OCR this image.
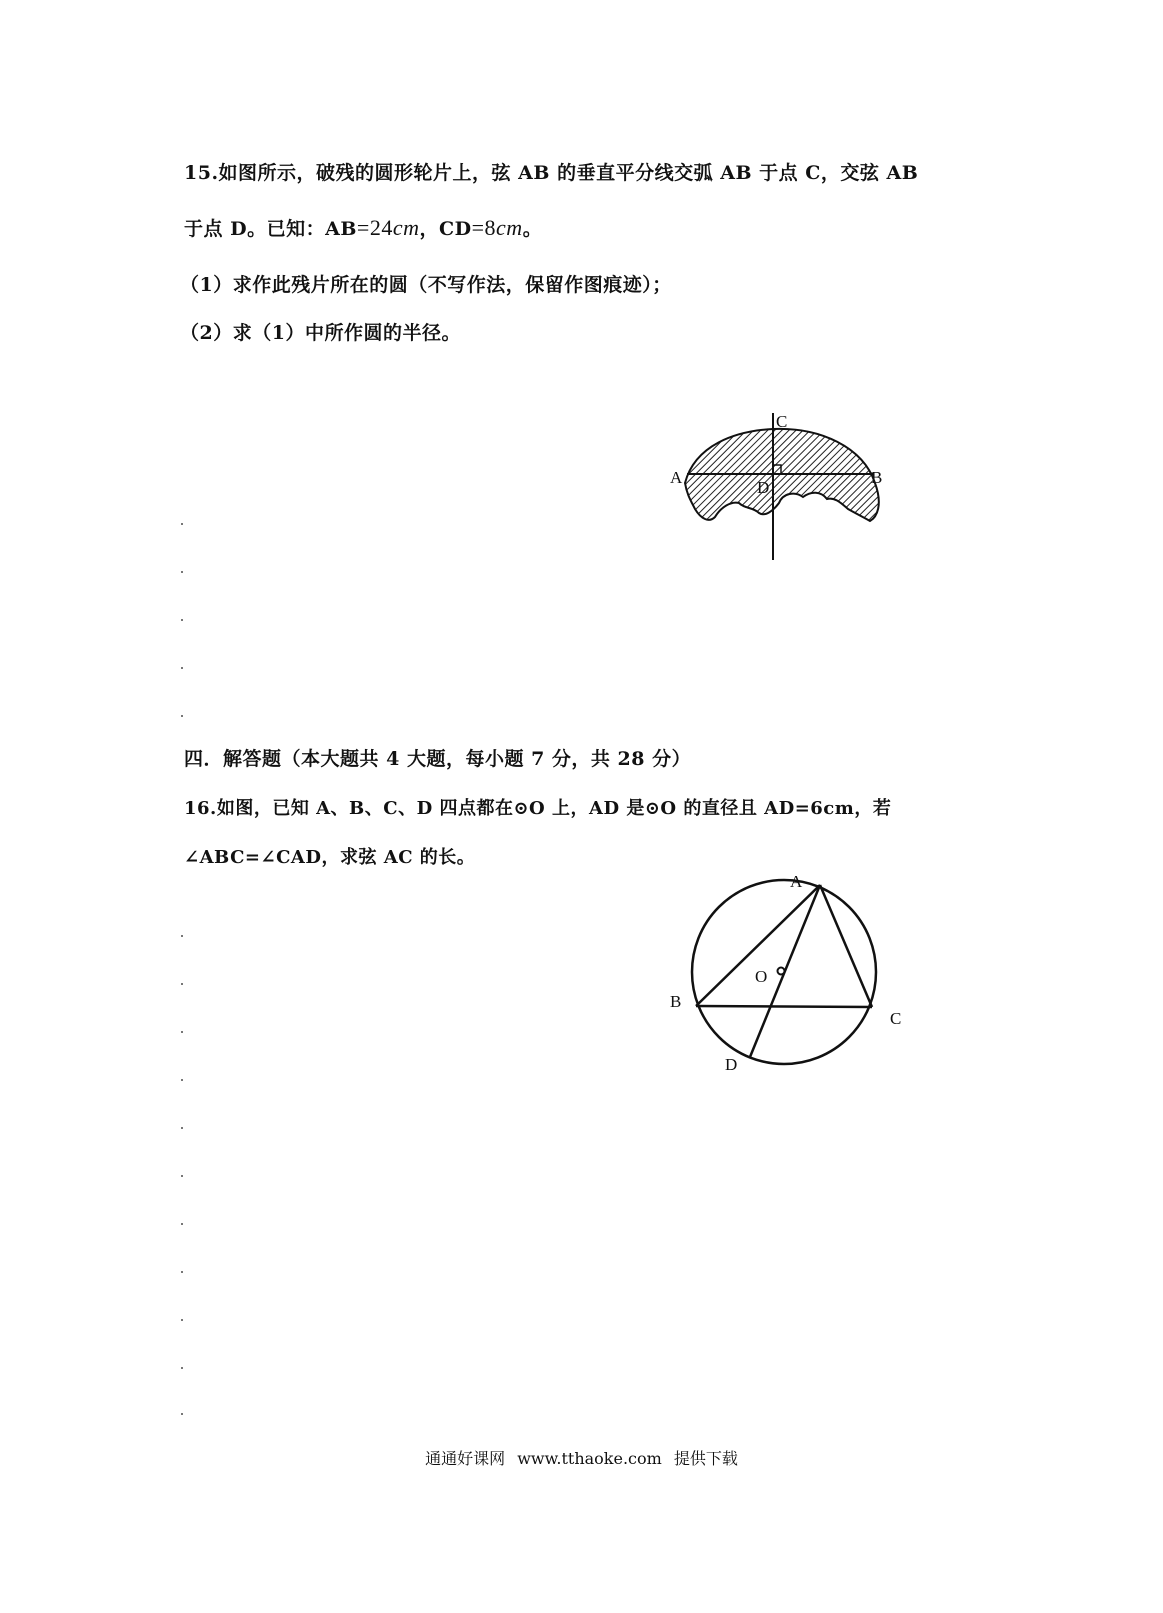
15.如图所示，破残的圆形轮片上，弦 AB 的垂直平分线交弧 AB 于点 C，交弦 AB
于点 D。已知：AB=24cm，CD=8cm。
（1）求作此残片所在的圆（不写作法，保留作图痕迹）；
（2）求（1）中所作圆的半径。
C
A	B
D
四．解答题（本大题共 4 大题，每小题 7 分，共 28 分）
16.如图，已知 A、B、C、D 四点都在⊙O 上，AD 是⊙O 的直径且 AD=6cm，若
∠ABC=∠CAD，求弦 AC 的长。
A
O
B
C
D
通通好课网 www.tthaoke.com 提供下载
